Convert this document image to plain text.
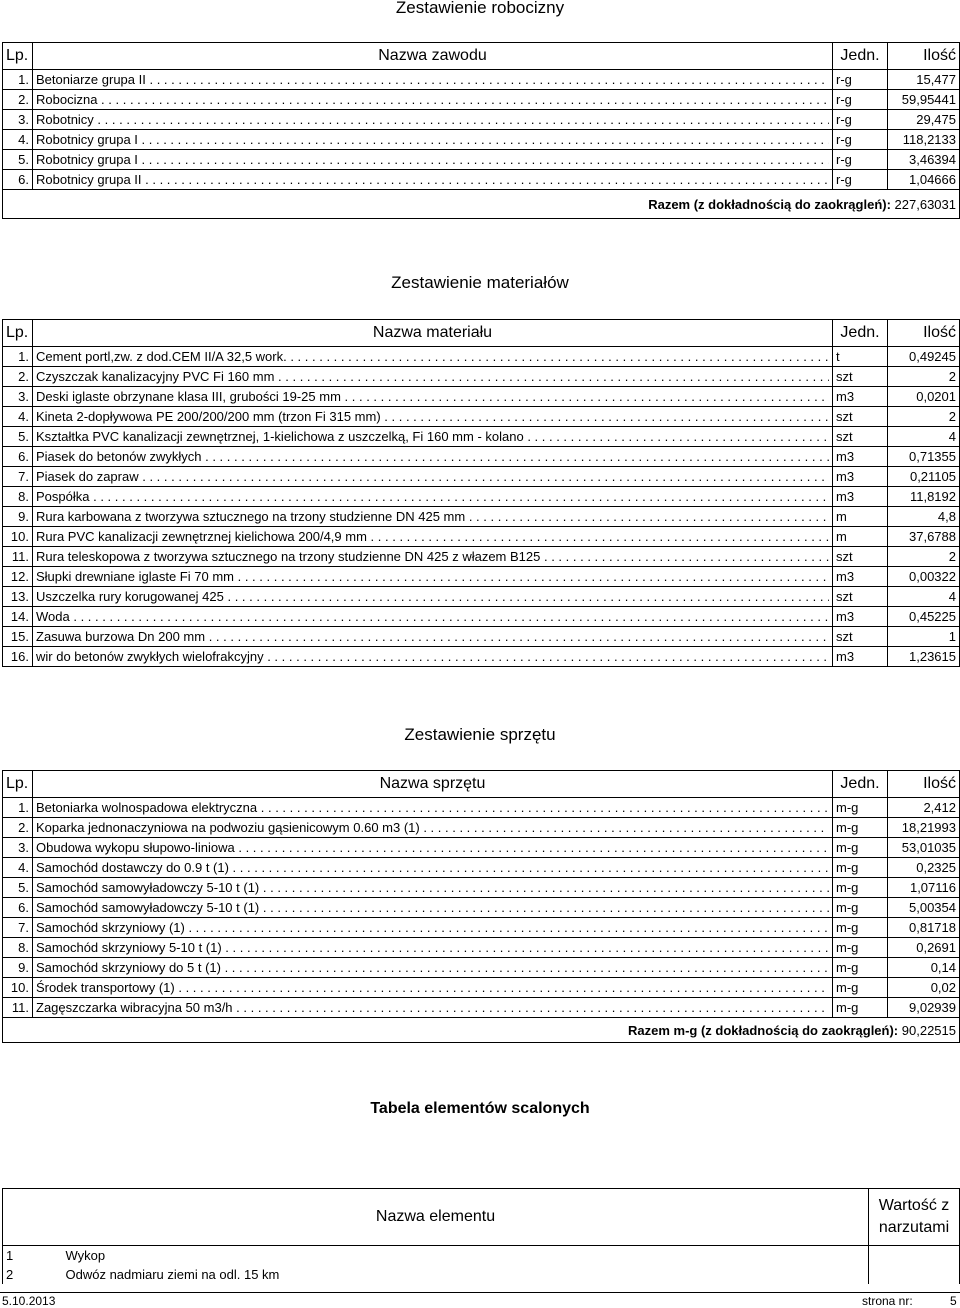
Zestawienie robocizny
Lp.	Nazwa zawodu	Jedn.	Ilość
1.	Betoniarze grupa II . . .	r-g	15,477
2.	Robocizna . . .	r-g	59,95441
3.	Robotnicy . . .	r-g	29,475
4.	Robotnicy grupa I . . .	r-g	118,2133
5.	Robotnicy grupa I . . .	r-g	3,46394
6.	Robotnicy grupa II . . .	r-g	1,04666
Razem (z dokładnością do zaokrągleń): 227,63031			
Zestawienie materiałów
Lp.	Nazwa materiału	Jedn.	Ilość
1.	Cement portl,zw. z dod.CEM II/A 32,5 work. . . .	t	0,49245
2.	Czyszczak kanalizacyjny PVC Fi 160 mm . . .	szt	2
3.	Deski iglaste obrzynane klasa III, grubości 19-25 mm . . .	m3	0,0201
4.	Kineta 2-dopływowa PE 200/200/200 mm (trzon Fi 315 mm) . . .	szt	2
5.	Kształtka PVC kanalizacji zewnętrznej, 1-kielichowa z uszczelką, Fi 160 mm - kolano . . .	szt	4
6.	Piasek do betonów zwykłych . . .	m3	0,71355
7.	Piasek do zapraw . . .	m3	0,21105
8.	Pospółka . . .	m3	11,8192
9.	Rura karbowana z tworzywa sztucznego na trzony studzienne DN 425 mm . . .	m	4,8
10.	Rura PVC kanalizacji zewnętrznej kielichowa 200/4,9 mm . . .	m	37,6788
11.	Rura teleskopowa z tworzywa sztucznego na trzony studzienne DN 425 z włazem B125 . . .	szt	2
12.	Słupki drewniane iglaste Fi 70 mm . . .	m3	0,00322
13.	Uszczelka rury korugowanej 425 . . .	szt	4
14.	Woda . . .	m3	0,45225
15.	Zasuwa burzowa Dn 200 mm . . .	szt	1
16.	wir do betonów zwykłych wielofrakcyjny . . .	m3	1,23615
Zestawienie sprzętu
Lp.	Nazwa sprzętu	Jedn.	Ilość
1.	Betoniarka wolnospadowa elektryczna . . .	m-g	2,412
2.	Koparka jednonaczyniowa na podwoziu gąsienicowym 0.60 m3 (1) . . .	m-g	18,21993
3.	Obudowa wykopu słupowo-liniowa . . .	m-g	53,01035
4.	Samochód dostawczy do 0.9 t (1) . . .	m-g	0,2325
5.	Samochód samowyładowczy 5-10 t (1) . . .	m-g	1,07116
6.	Samochód samowyładowczy 5-10 t (1) . . .	m-g	5,00354
7.	Samochód skrzyniowy (1) . . .	m-g	0,81718
8.	Samochód skrzyniowy 5-10 t (1) . . .	m-g	0,2691
9.	Samochód skrzyniowy do 5 t (1) . . .	m-g	0,14
10.	Środek transportowy (1) . . .	m-g	0,02
11.	Zagęszczarka wibracyjna 50 m3/h . . .	m-g	9,02939
Razem m-g (z dokładnością do zaokrągleń): 90,22515			
Tabela elementów scalonych
Nazwa elementu		Wartość z
narzutami

1	Wykop	
2	Odwóz nadmiaru ziemi na odl. 15 km	
5.10.2013	strona nr:	5
